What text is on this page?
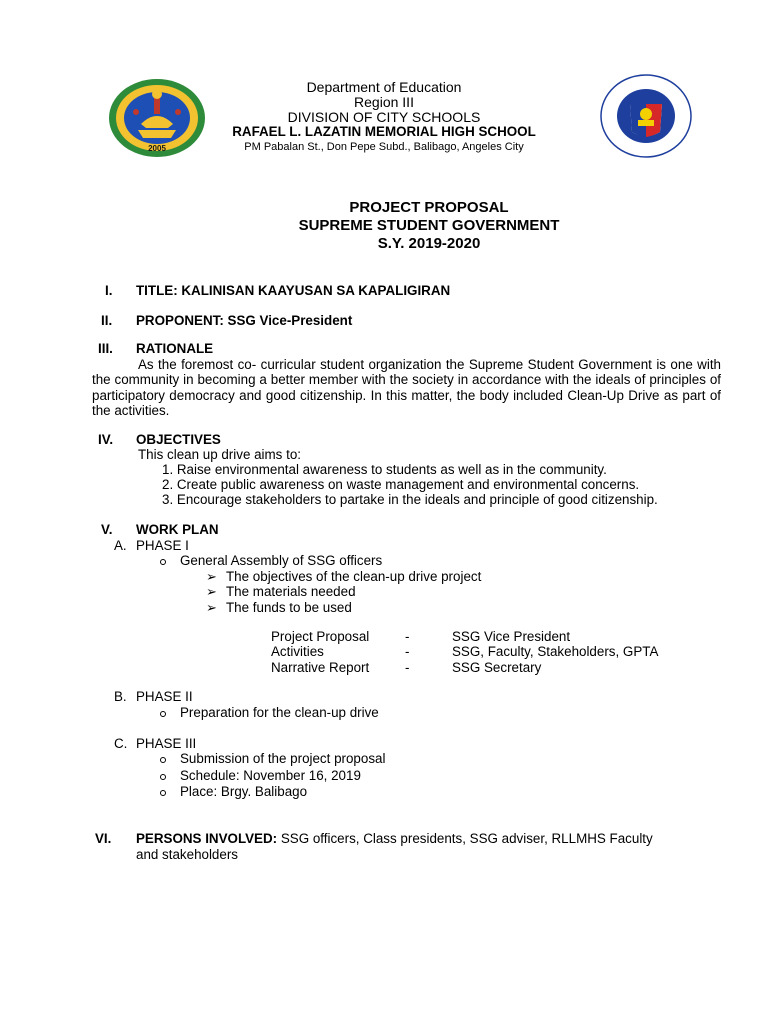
2005
Department of Education
Region III
DIVISION OF CITY SCHOOLS
RAFAEL L. LAZATIN MEMORIAL HIGH SCHOOL
PM Pabalan St., Don Pepe Subd., Balibago, Angeles City
PROJECT PROPOSAL
SUPREME STUDENT GOVERNMENT
S.Y. 2019-2020
I. TITLE: KALINISAN KAAYUSAN SA KAPALIGIRAN
II. PROPONENT: SSG Vice-President
III. RATIONALE
As the foremost co- curricular student organization the Supreme Student Government is one with the community in becoming a better member with the society in accordance with the ideals of principles of participatory democracy and good citizenship. In this matter, the body included Clean-Up Drive as part of the activities.
IV. OBJECTIVES
This clean up drive aims to:
1. Raise environmental awareness to students as well as in the community.
2. Create public awareness on waste management and environmental concerns.
3. Encourage stakeholders to partake in the ideals and principle of good citizenship.
V. WORK PLAN
A. PHASE I
General Assembly of SSG officers
➢ The objectives of the clean-up drive project
➢ The materials needed
➢ The funds to be used
Project Proposal	-	SSG Vice President
Activities	-	SSG, Faculty, Stakeholders, GPTA
Narrative Report	-	SSG Secretary
B. PHASE II
Preparation for the clean-up drive
C. PHASE III
Submission of the project proposal
Schedule: November 16, 2019
Place: Brgy. Balibago
VI. PERSONS INVOLVED: SSG officers, Class presidents, SSG adviser, RLLMHS Faculty
and stakeholders
